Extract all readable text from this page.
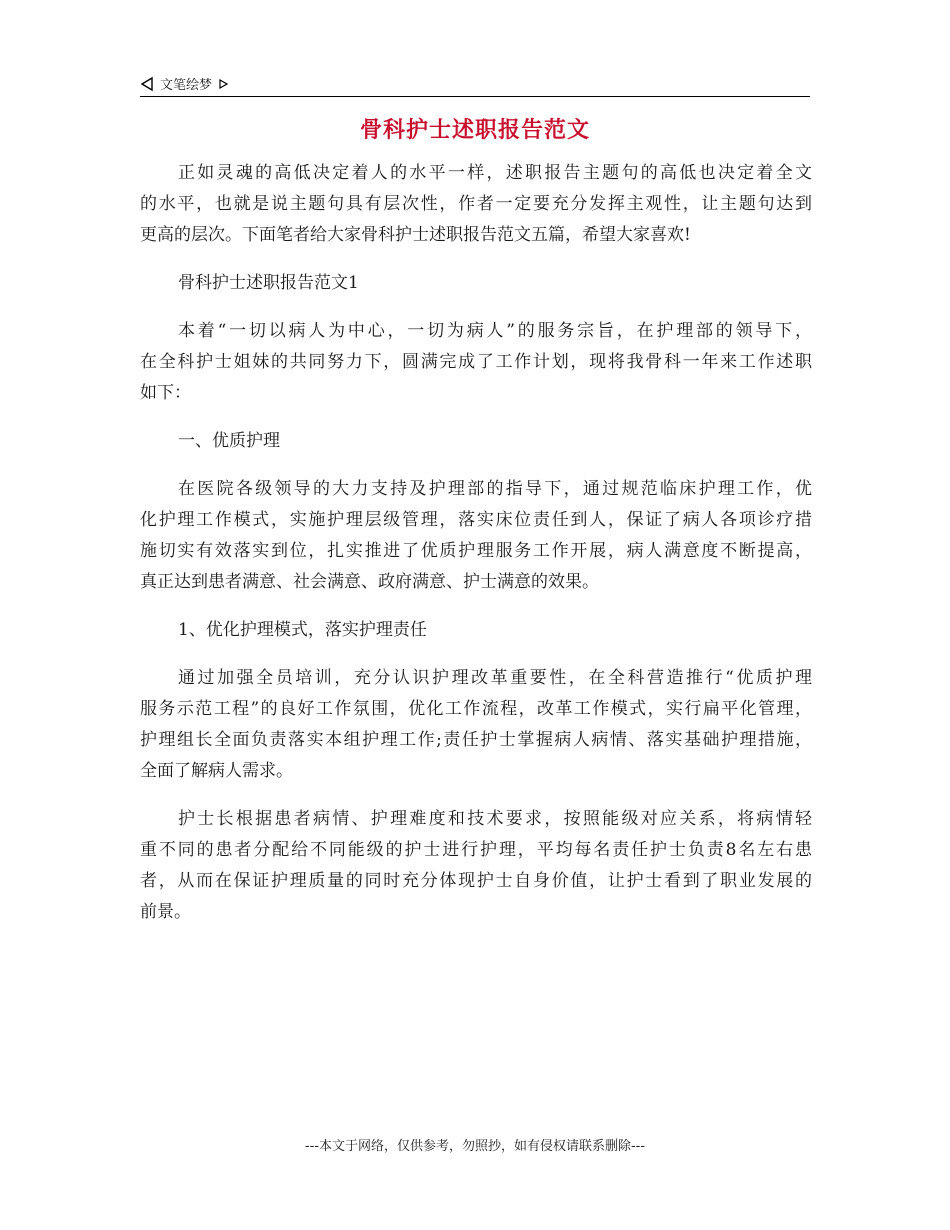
文笔绘梦
骨科护士述职报告范文
正如灵魂的高低决定着人的水平一样，述职报告主题句的高低也决定着全文
的水平，也就是说主题句具有层次性，作者一定要充分发挥主观性，让主题句达到
更高的层次。下面笔者给大家骨科护士述职报告范文五篇，希望大家喜欢!
骨科护士述职报告范文1
本着“一切以病人为中心，一切为病人”的服务宗旨，在护理部的领导下，
在全科护士姐妹的共同努力下，圆满完成了工作计划，现将我骨科一年来工作述职
如下：
一、优质护理
在医院各级领导的大力支持及护理部的指导下，通过规范临床护理工作，优
化护理工作模式，实施护理层级管理，落实床位责任到人，保证了病人各项诊疗措
施切实有效落实到位，扎实推进了优质护理服务工作开展，病人满意度不断提高，
真正达到患者满意、社会满意、政府满意、护士满意的效果。
1、优化护理模式，落实护理责任
通过加强全员培训，充分认识护理改革重要性，在全科营造推行“优质护理
服务示范工程”的良好工作氛围，优化工作流程，改革工作模式，实行扁平化管理，
护理组长全面负责落实本组护理工作;责任护士掌握病人病情、落实基础护理措施，
全面了解病人需求。
护士长根据患者病情、护理难度和技术要求，按照能级对应关系，将病情轻
重不同的患者分配给不同能级的护士进行护理，平均每名责任护士负责8名左右患
者，从而在保证护理质量的同时充分体现护士自身价值，让护士看到了职业发展的
前景。
---本文于网络，仅供参考，勿照抄，如有侵权请联系删除---
